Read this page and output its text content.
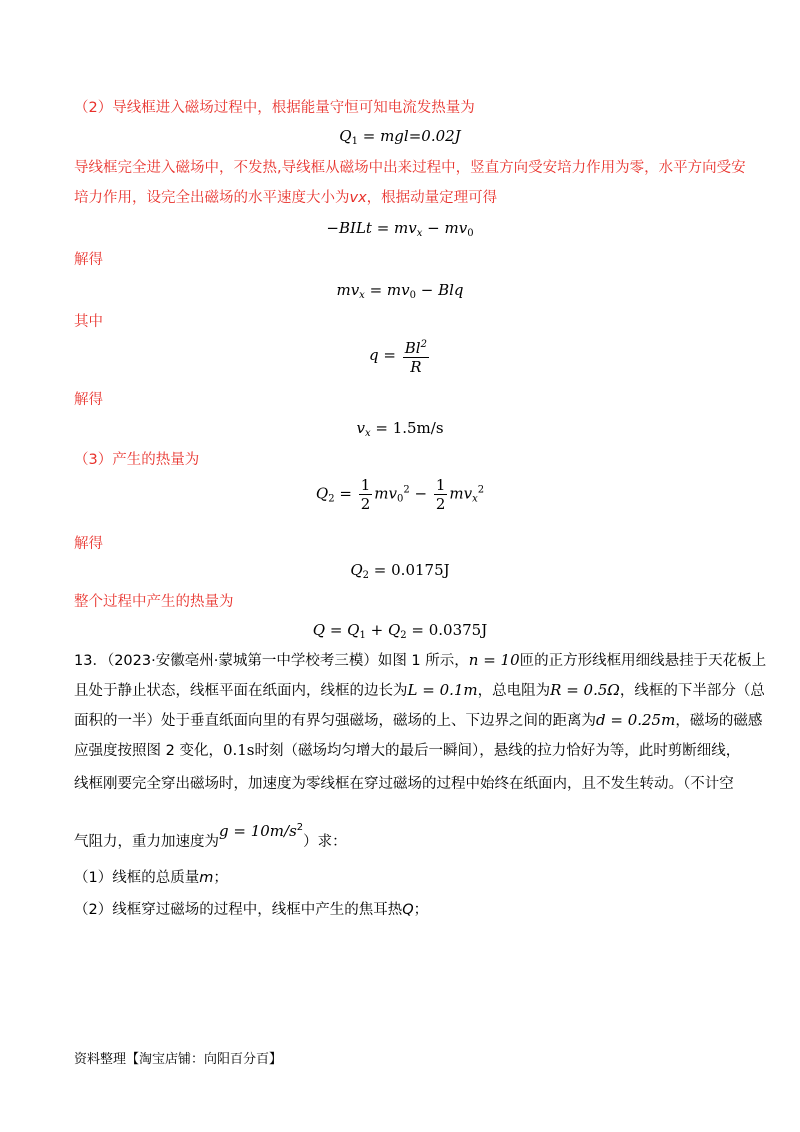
（2）导线框进入磁场过程中，根据能量守恒可知电流发热量为
$Q_1 = mgl=0.02J$
导线框完全进入磁场中，不发热,导线框从磁场中出来过程中，竖直方向受安培力作用为零，水平方向受安
培力作用，设完全出磁场的水平速度大小为vx，根据动量定理可得
−BILt = $mv_x - mv_0$
解得
$mv_x = mv_0$ − Blq
其中
$q = \frac{Bl^2}{R}$
解得
$v_x = 1.5m/s$
（3）产生的热量为
$Q_2 = \frac{1}{2} mv_0^2 - \frac{1}{2} mv_x^2$
解得
$Q_2 = 0.0175J$
整个过程中产生的热量为
$Q = Q_1 + Q_2 = 0.0375J$
13．（2023·安徽亳州·蒙城第一中学校考三模）如图 1 所示，n = 10匝的正方形线框用细线悬挂于天花板上
且处于静止状态，线框平面在纸面内，线框的边长为L = 0.1m，总电阻为R = 0.5Ω，线框的下半部分（总
面积的一半）处于垂直纸面向里的有界匀强磁场，磁场的上、下边界之间的距离为d = 0.25m，磁场的磁感
应强度按照图 2 变化，0.1s时刻（磁场均匀增大的最后一瞬间），悬线的拉力恰好为等，此时剪断细线，
线框刚要完全穿出磁场时，加速度为零线框在穿过磁场的过程中始终在纸面内，且不发生转动。（不计空
气阻力，重力加速度为$g = 10m/s^2$）求：
（1）线框的总质量m；
（2）线框穿过磁场的过程中，线框中产生的焦耳热Q；
资料整理【淘宝店铺：向阳百分百】
